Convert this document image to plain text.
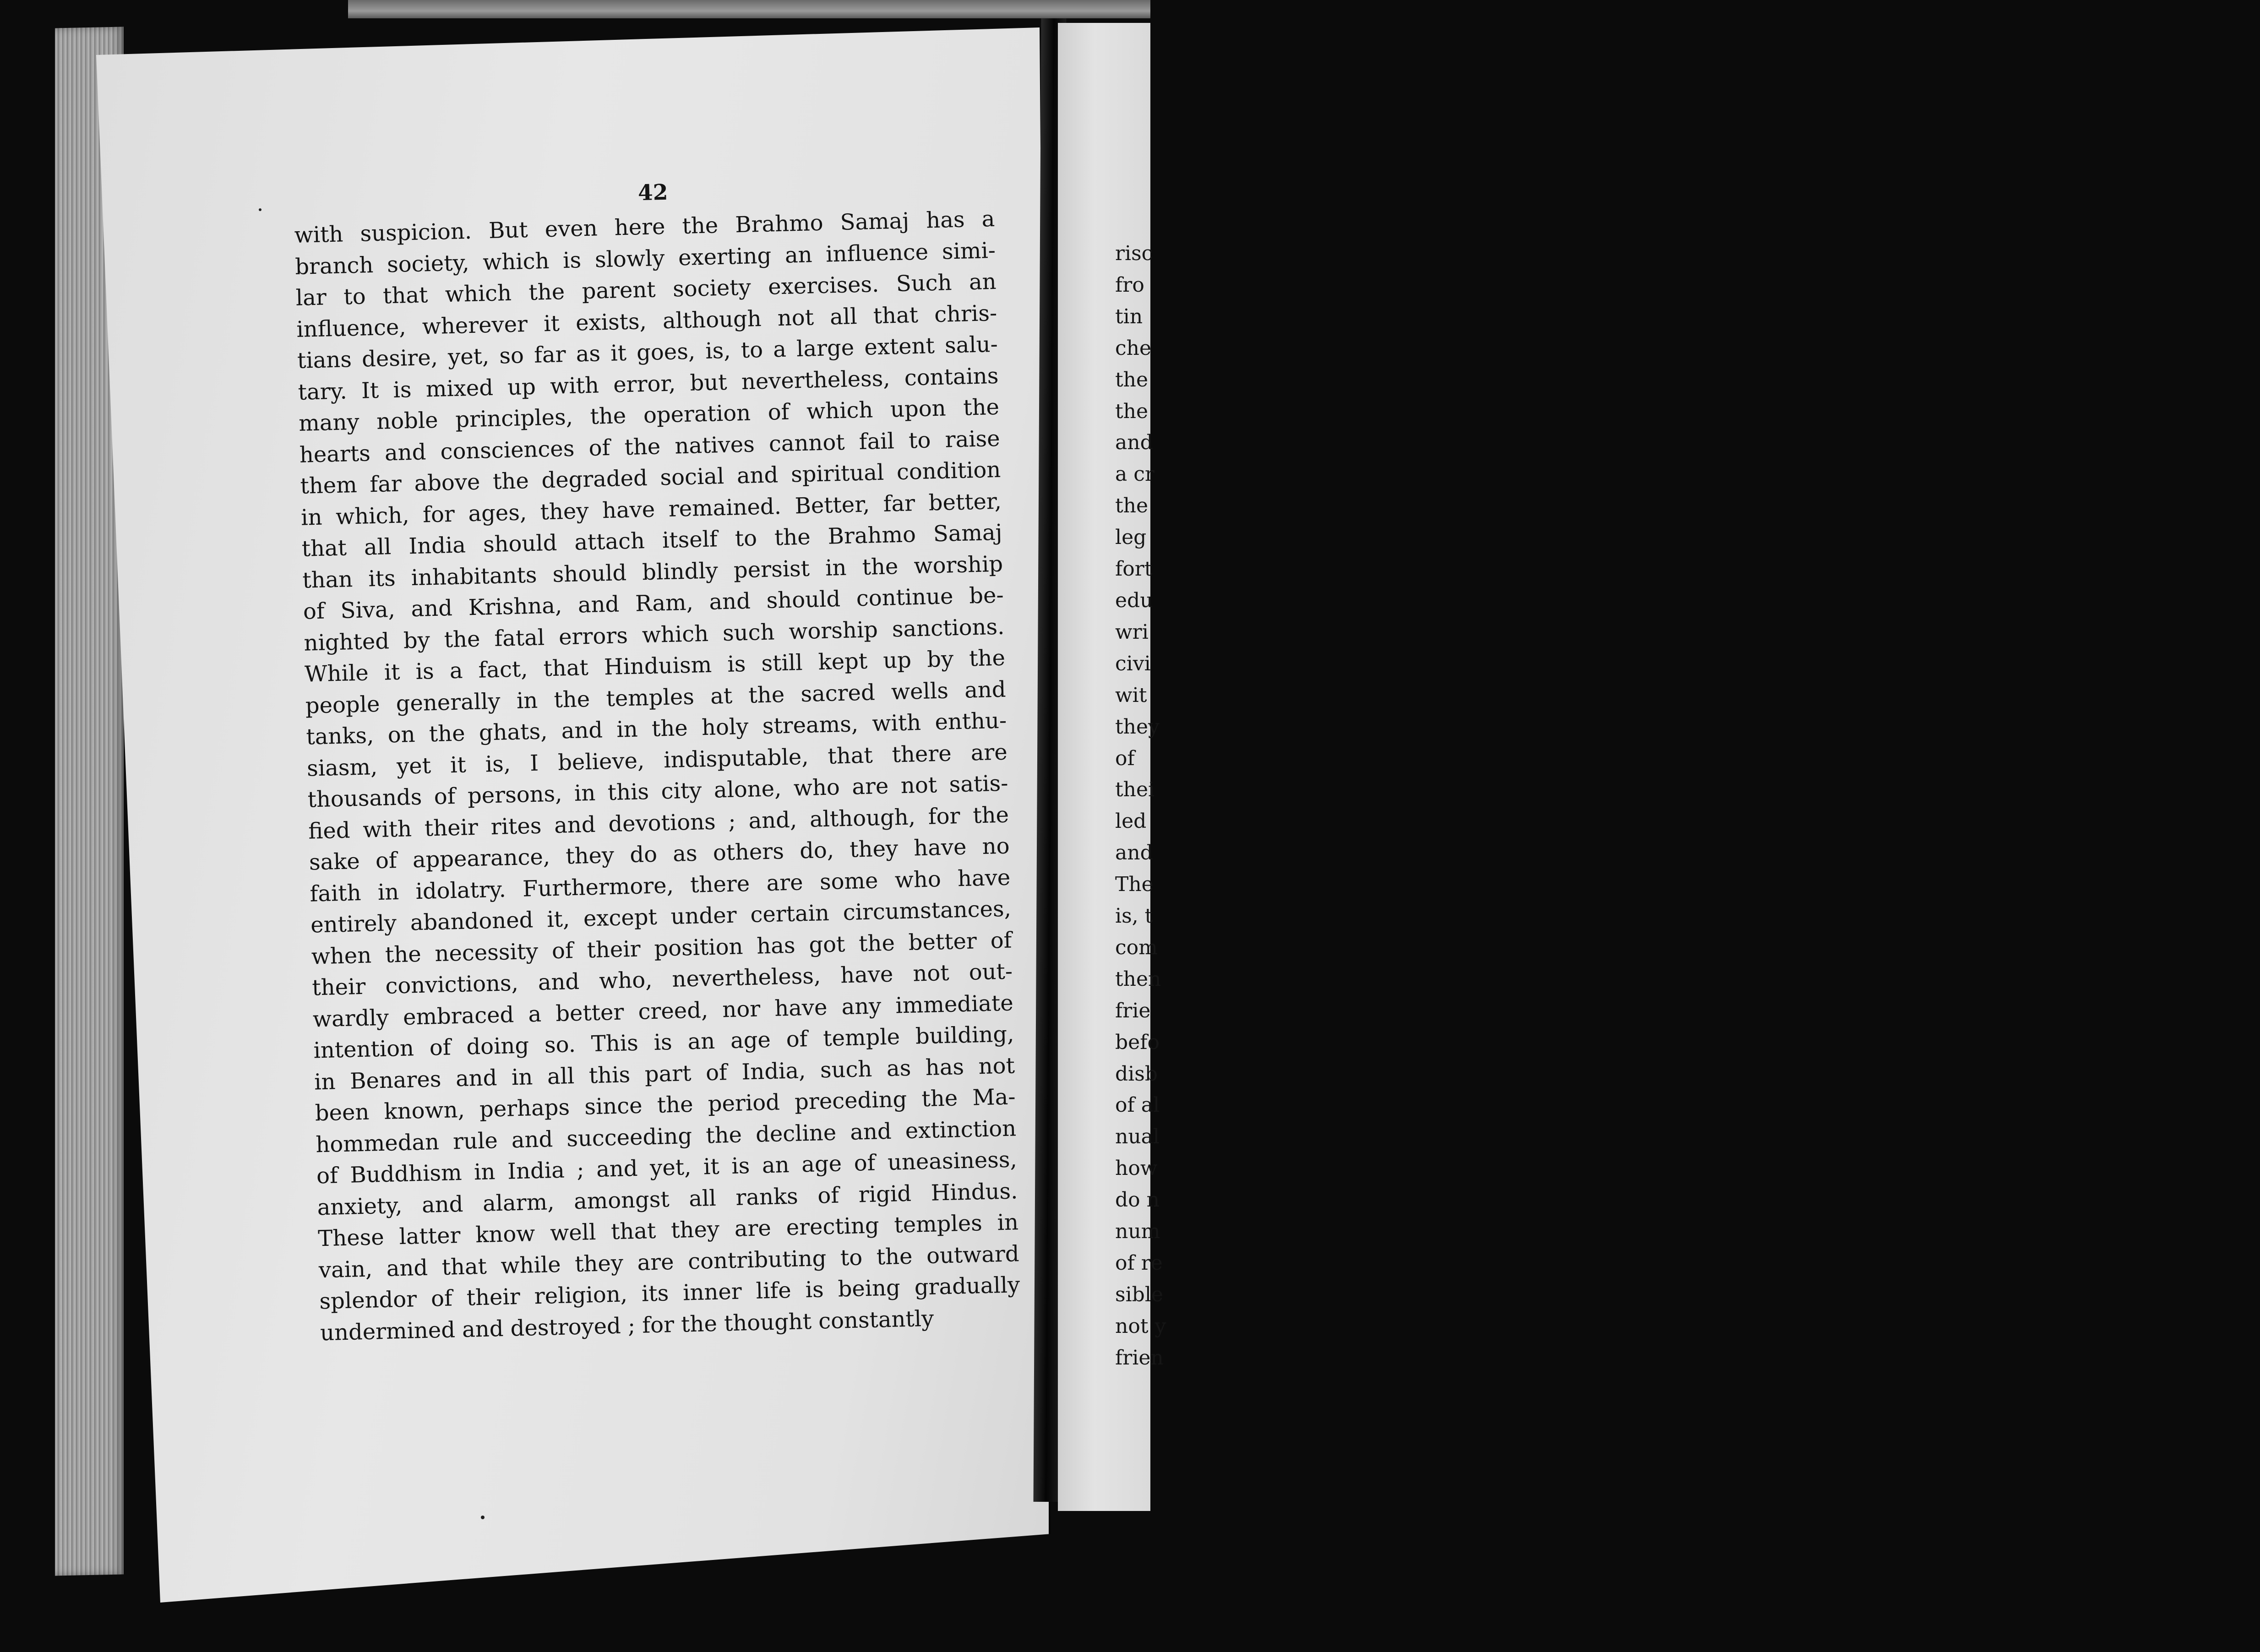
risc
fro
tin
che
the
the
and
a cr
the
leg
fort
edu
wri
civi
wit
they
of
thei
led
and
The
is, t
com
then
frie
befo
disb
of al
nual
how
do n
num
of re
sible
not y
frien
42
with suspicion. But even here the Brahmo Samaj has a
branch society, which is slowly exerting an influence simi-
lar to that which the parent society exercises. Such an
influence, wherever it exists, although not all that chris-
tians desire, yet, so far as it goes, is, to a large extent salu-
tary. It is mixed up with error, but nevertheless, contains
many noble principles, the operation of which upon the
hearts and consciences of the natives cannot fail to raise
them far above the degraded social and spiritual condition
in which, for ages, they have remained. Better, far better,
that all India should attach itself to the Brahmo Samaj
than its inhabitants should blindly persist in the worship
of Siva, and Krishna, and Ram, and should continue be-
nighted by the fatal errors which such worship sanctions.
While it is a fact, that Hinduism is still kept up by the
people generally in the temples at the sacred wells and
tanks, on the ghats, and in the holy streams, with enthu-
siasm, yet it is, I believe, indisputable, that there are
thousands of persons, in this city alone, who are not satis-
fied with their rites and devotions ; and, although, for the
sake of appearance, they do as others do, they have no
faith in idolatry. Furthermore, there are some who have
entirely abandoned it, except under certain circumstances,
when the necessity of their position has got the better of
their convictions, and who, nevertheless, have not out-
wardly embraced a better creed, nor have any immediate
intention of doing so. This is an age of temple building,
in Benares and in all this part of India, such as has not
been known, perhaps since the period preceding the Ma-
hommedan rule and succeeding the decline and extinction
of Buddhism in India ; and yet, it is an age of uneasiness,
anxiety, and alarm, amongst all ranks of rigid Hindus.
These latter know well that they are erecting temples in
vain, and that while they are contributing to the outward
splendor of their religion, its inner life is being gradually
undermined and destroyed ; for the thought constantly
